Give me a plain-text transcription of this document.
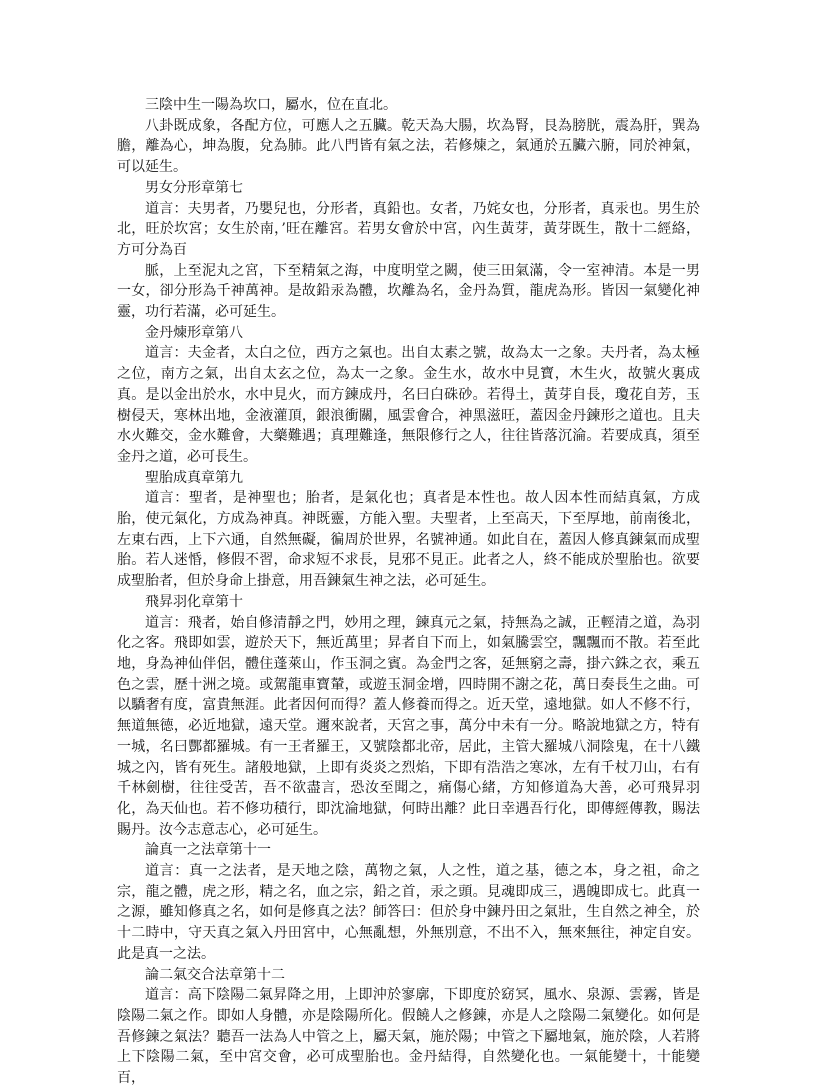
三陰中生一陽為坎口，屬水，位在直北。

八卦既成象，各配方位，可應人之五臟。乾天為大腸，坎為腎，艮為膀胱，震為肝，巽為膽，離為心，坤為腹，兌為肺。此八門皆有氣之法，若修煉之，氣通於五臟六腑，同於神氣，可以延生。

男女分形章第七

道言：夫男者，乃嬰兒也，分形者，真鉛也。女者，乃姹女也，分形者，真汞也。男生於北，旺於坎宮；女生於南，’旺在離宮。若男女會於中宮，內生黃芽，黃芽既生，散十二經絡，方可分為百

脈，上至泥丸之宮，下至精氣之海，中度明堂之闕，使三田氣滿，令一室神清。本是一男一女，卻分形為千神萬神。是故鉛汞為體，坎離為名，金丹為質，龍虎為形。皆因一氣變化神靈，功行若滿，必可延生。

金丹煉形章第八

道言：夫金者，太白之位，西方之氣也。出自太素之號，故為太一之象。夫丹者，為太極之位，南方之氣，出自太玄之位，為太一之象。金生水，故水中見寶，木生火，故號火裏成真。是以金出於水，水中見火，而方鍊成丹，名曰白硃砂。若得土，黃芽自長，瓊花自芳，玉樹侵天，寒林出地，金液灌頂，銀浪衝關，風雲會合，神黑滋旺，蓋因金丹鍊形之道也。且夫水火難交，金水難會，大藥難遇；真理難逢，無限修行之人，往往皆落沉淪。若要成真，須至金丹之道，必可長生。

聖胎成真章第九

道言：聖者，是神聖也；胎者，是氣化也；真者是本性也。故人因本性而結真氣，方成胎，使元氣化，方成為神真。神既靈，方能入聖。夫聖者，上至高天，下至厚地，前南後北，左東右西，上下六通，自然無礙，徧周於世界，名號神通。如此自在，蓋因人修真鍊氣而成聖胎。若人迷惛，修假不習，命求短不求長，見邪不見正。此者之人，終不能成於聖胎也。欲要成聖胎者，但於身命上掛意，用吾鍊氣生神之法，必可延生。

飛昇羽化章第十

道言：飛者，始自修清靜之門，妙用之理，鍊真元之氣，持無為之誠，正輕清之道，為羽化之客。飛即如雲，遊於天下，無近萬里；昇者自下而上，如氣騰雲空，飄飄而不散。若至此地，身為神仙伴侶，體住蓬萊山，作玉洞之賓。為金門之客，延無窮之壽，掛六銖之衣，乘五色之雲，歷十洲之境。或駕龍車寶輦，或遊玉洞金增，四時開不謝之花，萬日奏長生之曲。可以驕奢有度，富貴無涯。此者因何而得？蓋人修養而得之。近天堂，遠地獄。如人不修不行，無道無德，必近地獄，遠天堂。邇來說者，天宮之事，萬分中未有一分。略說地獄之方，特有一城，名曰酆都羅城。有一王者羅王，又號陰都北帝，居此，主管大羅城八洞陰鬼，在十八鐵城之內，皆有死生。諸般地獄，上即有炎炎之烈焰，下即有浩浩之寒冰，左有千杖刀山，右有千林劍樹，往往受苦，吾不欲盡言，恐汝至聞之，痛傷心緒，方知修道為大善，必可飛昇羽化，為天仙也。若不修功積行，即沈淪地獄，何時出離？此日幸遇吾行化，即傳經傳教，賜法賜丹。汝今志意志心，必可延生。

論真一之法章第十一

道言：真一之法者，是天地之陰，萬物之氣，人之性，道之基，德之本，身之祖，命之宗，龍之體，虎之形，精之名，血之宗，鉛之首，汞之頭。見魂即成三，遇魄即成七。此真一之源，雖知修真之名，如何是修真之法？師答曰：但於身中鍊丹田之氣壯，生自然之神全，於十二時中，守天真之氣入丹田宮中，心無亂想，外無別意，不出不入，無來無往，神定自安。此是真一之法。

論二氣交合法章第十二

道言：高下陰陽二氣昇降之用，上即沖於寥廓，下即度於窈冥，風水、泉源、雲霧，皆是陰陽二氣之作。即如人身體，亦是陰陽所化。假饒人之修鍊，亦是人之陰陽二氣變化。如何是吾修鍊之氣法？聽吾一法為人中管之上，屬天氣，施於陽；中管之下屬地氣，施於陰，人若將上下陰陽二氣，至中宮交會，必可成聖胎也。金丹結得，自然變化也。一氣能變十，十能變百，
